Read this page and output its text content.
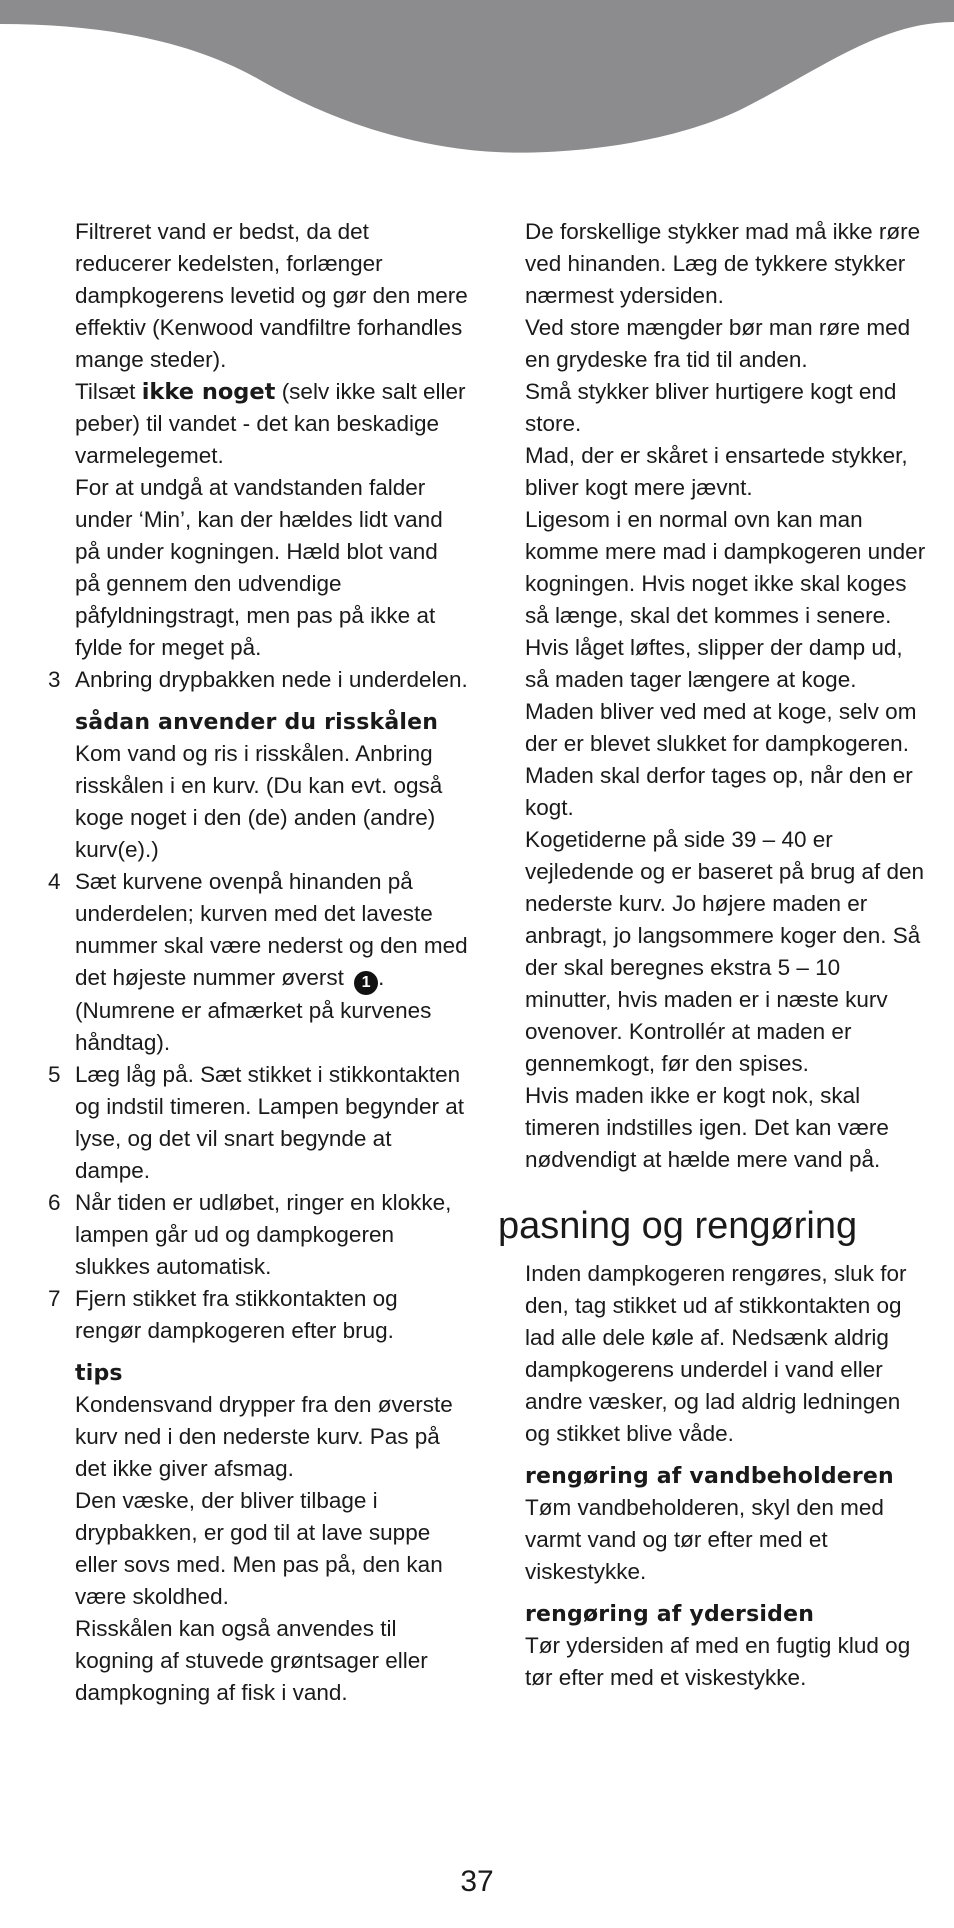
Filtreret vand er bedst, da det reducerer kedelsten, forlænger dampkogerens levetid og gør den mere effektiv (Kenwood vandfiltre forhandles mange steder).

Tilsæt ikke noget (selv ikke salt eller peber) til vandet - det kan beskadige varmelegemet.

For at undgå at vandstanden falder under ‘Min’, kan der hældes lidt vand på under kogningen. Hæld blot vand på gennem den udvendige påfyldningstragt, men pas på ikke at fylde for meget på.

3 Anbring drypbakken nede i underdelen.

sådan anvender du risskålen

Kom vand og ris i risskålen. Anbring risskålen i en kurv. (Du kan evt. også koge noget i den (de) anden (andre) kurv(e).)

4 Sæt kurvene ovenpå hinanden på underdelen; kurven med det laveste nummer skal være nederst og den med det højeste nummer øverst 1 . (Numrene er afmærket på kurvenes håndtag).

5 Læg låg på. Sæt stikket i stikkontakten og indstil timeren. Lampen begynder at lyse, og det vil snart begynde at dampe.

6 Når tiden er udløbet, ringer en klokke, lampen går ud og dampkogeren slukkes automatisk.

7 Fjern stikket fra stikkontakten og rengør dampkogeren efter brug.

tips

Kondensvand drypper fra den øverste kurv ned i den nederste kurv. Pas på det ikke giver afsmag.

Den væske, der bliver tilbage i drypbakken, er god til at lave suppe eller sovs med. Men pas på, den kan være skoldhed.

Risskålen kan også anvendes til kogning af stuvede grøntsager eller dampkogning af fisk i vand.

De forskellige stykker mad må ikke røre ved hinanden. Læg de tykkere stykker nærmest ydersiden.

Ved store mængder bør man røre med en grydeske fra tid til anden.

Små stykker bliver hurtigere kogt end store.

Mad, der er skåret i ensartede stykker, bliver kogt mere jævnt.

Ligesom i en normal ovn kan man komme mere mad i dampkogeren under kogningen. Hvis noget ikke skal koges så længe, skal det kommes i senere.

Hvis låget løftes, slipper der damp ud, så maden tager længere at koge.

Maden bliver ved med at koge, selv om der er blevet slukket for dampkogeren. Maden skal derfor tages op, når den er kogt.

Kogetiderne på side 39 – 40 er vejledende og er baseret på brug af den nederste kurv. Jo højere maden er anbragt, jo langsommere koger den. Så der skal beregnes ekstra 5 – 10 minutter, hvis maden er i næste kurv ovenover. Kontrollér at maden er gennemkogt, før den spises.

Hvis maden ikke er kogt nok, skal timeren indstilles igen. Det kan være nødvendigt at hælde mere vand på.

pasning og rengøring

Inden dampkogeren rengøres, sluk for den, tag stikket ud af stikkontakten og lad alle dele køle af. Nedsænk aldrig dampkogerens underdel i vand eller andre væsker, og lad aldrig ledningen og stikket blive våde.

rengøring af vandbeholderen

Tøm vandbeholderen, skyl den med varmt vand og tør efter med et viskestykke.

rengøring af ydersiden

Tør ydersiden af med en fugtig klud og tør efter med et viskestykke.

37
